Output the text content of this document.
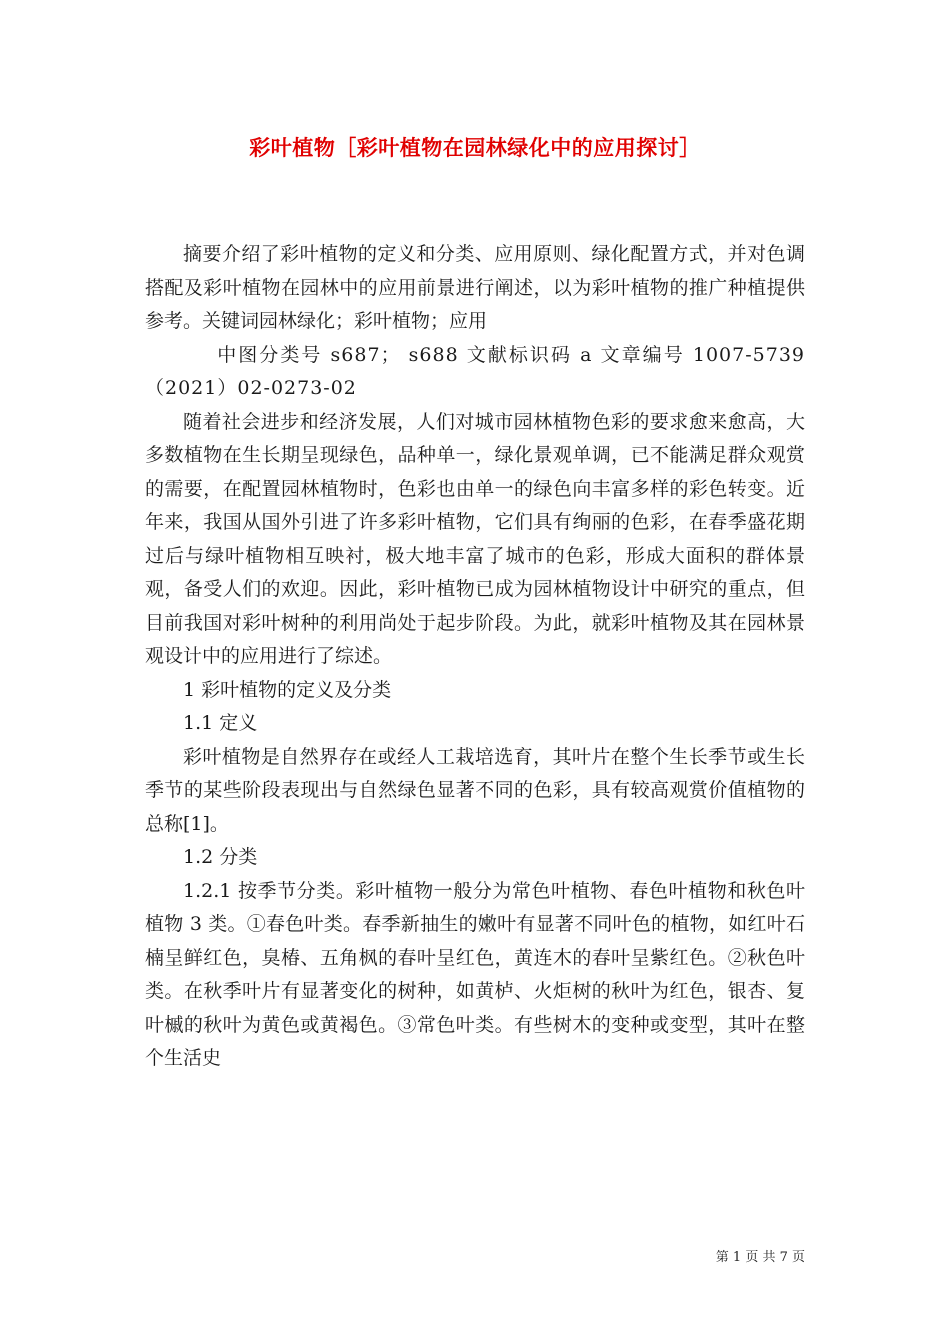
彩叶植物［彩叶植物在园林绿化中的应用探讨］

摘要介绍了彩叶植物的定义和分类、应用原则、绿化配置方式，并对色调搭配及彩叶植物在园林中的应用前景进行阐述，以为彩叶植物的推广种植提供参考。关键词园林绿化；彩叶植物；应用

中图分类号 s687； s688 文献标识码 a 文章编号 1007-5739（2021）02-0273-02

随着社会进步和经济发展，人们对城市园林植物色彩的要求愈来愈高，大多数植物在生长期呈现绿色，品种单一，绿化景观单调，已不能满足群众观赏的需要，在配置园林植物时，色彩也由单一的绿色向丰富多样的彩色转变。近年来，我国从国外引进了许多彩叶植物，它们具有绚丽的色彩，在春季盛花期过后与绿叶植物相互映衬，极大地丰富了城市的色彩，形成大面积的群体景观，备受人们的欢迎。因此，彩叶植物已成为园林植物设计中研究的重点，但目前我国对彩叶树种的利用尚处于起步阶段。为此，就彩叶植物及其在园林景观设计中的应用进行了综述。

1 彩叶植物的定义及分类

1.1 定义

彩叶植物是自然界存在或经人工栽培选育，其叶片在整个生长季节或生长季节的某些阶段表现出与自然绿色显著不同的色彩，具有较高观赏价值植物的总称[1]。

1.2 分类

1.2.1 按季节分类。彩叶植物一般分为常色叶植物、春色叶植物和秋色叶植物 3 类。①春色叶类。春季新抽生的嫩叶有显著不同叶色的植物，如红叶石楠呈鲜红色，臭椿、五角枫的春叶呈红色，黄连木的春叶呈紫红色。②秋色叶类。在秋季叶片有显著变化的树种，如黄栌、火炬树的秋叶为红色，银杏、复叶槭的秋叶为黄色或黄褐色。③常色叶类。有些树木的变种或变型，其叶在整个生活史

第 1 页 共 7 页
